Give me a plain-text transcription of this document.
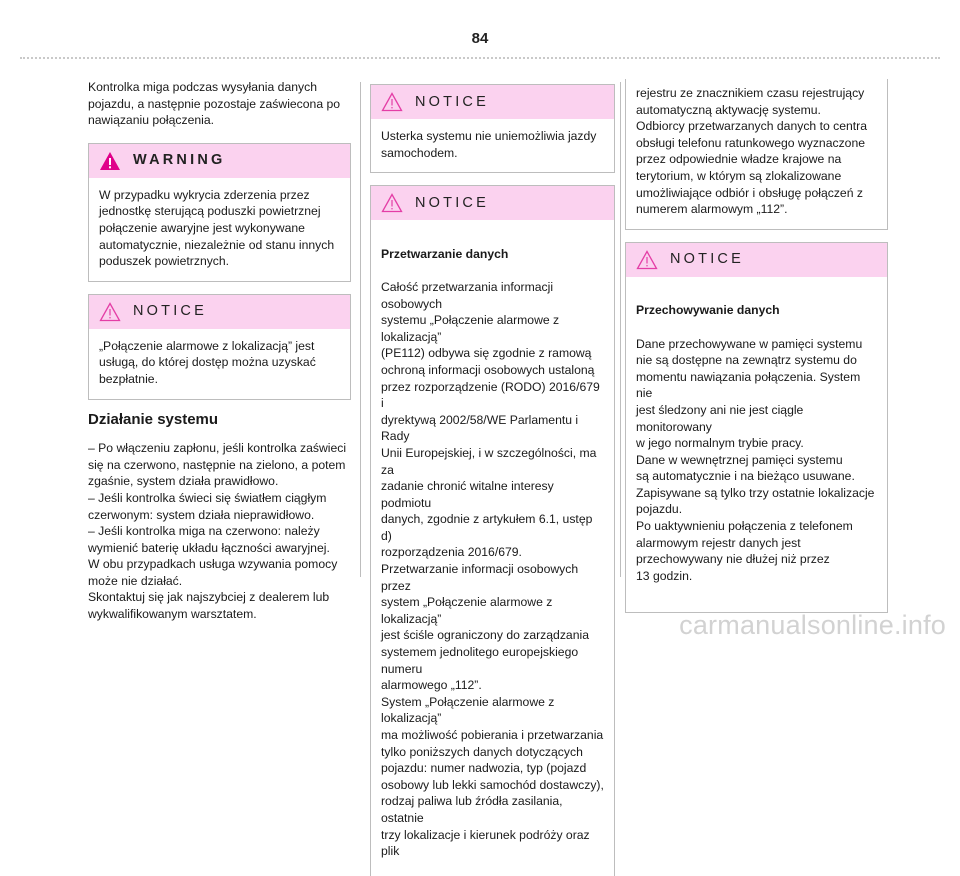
84

Kontrolka miga podczas wysyłania danych
pojazdu, a następnie pozostaje zaświecona po
nawiązaniu połączenia.

WARNING
W przypadku wykrycia zderzenia przez
jednostkę sterującą poduszki powietrznej
połączenie awaryjne jest wykonywane
automatycznie, niezależnie od stanu innych
poduszek powietrznych.
NOTICE
„Połączenie alarmowe z lokalizacją” jest
usługą, do której dostęp można uzyskać
bezpłatnie.
Działanie systemu

– Po włączeniu zapłonu, jeśli kontrolka zaświeci
się na czerwono, następnie na zielono, a potem
zgaśnie, system działa prawidłowo.
– Jeśli kontrolka świeci się światłem ciągłym
czerwonym: system działa nieprawidłowo.
– Jeśli kontrolka miga na czerwono: należy
wymienić baterię układu łączności awaryjnej.
W obu przypadkach usługa wzywania pomocy
może nie działać.
Skontaktuj się jak najszybciej z dealerem lub
wykwalifikowanym warsztatem.

NOTICE
Usterka systemu nie uniemożliwia jazdy
samochodem.
NOTICE

Przetwarzanie danych

Całość przetwarzania informacji osobowych
systemu „Połączenie alarmowe z lokalizacją”
(PE112) odbywa się zgodnie z ramową
ochroną informacji osobowych ustaloną
przez rozporządzenie (RODO) 2016/679 i
dyrektywą 2002/58/WE Parlamentu i Rady
Unii Europejskiej, i w szczególności, ma za
zadanie chronić witalne interesy podmiotu
danych, zgodnie z artykułem 6.1, ustęp d)
rozporządzenia 2016/679.
Przetwarzanie informacji osobowych przez
system „Połączenie alarmowe z lokalizacją”
jest ściśle ograniczony do zarządzania
systemem jednolitego europejskiego numeru
alarmowego „112”.
System „Połączenie alarmowe z lokalizacją”
ma możliwość pobierania i przetwarzania
tylko poniższych danych dotyczących
pojazdu: numer nadwozia, typ (pojazd
osobowy lub lekki samochód dostawczy),
rodzaj paliwa lub źródła zasilania, ostatnie
trzy lokalizacje i kierunek podróży oraz plik

rejestru ze znacznikiem czasu rejestrujący
automatyczną aktywację systemu.
Odbiorcy przetwarzanych danych to centra
obsługi telefonu ratunkowego wyznaczone
przez odpowiednie władze krajowe na
terytorium, w którym są zlokalizowane
umożliwiające odbiór i obsługę połączeń z
numerem alarmowym „112”.
NOTICE

Przechowywanie danych

Dane przechowywane w pamięci systemu
nie są dostępne na zewnątrz systemu do
momentu nawiązania połączenia. System nie
jest śledzony ani nie jest ciągle monitorowany
w jego normalnym trybie pracy.
Dane w wewnętrznej pamięci systemu
są automatycznie i na bieżąco usuwane.
Zapisywane są tylko trzy ostatnie lokalizacje
pojazdu.
Po uaktywnieniu połączenia z telefonem
alarmowym rejestr danych jest
przechowywany nie dłużej niż przez
13 godzin.

carmanualsonline.info
